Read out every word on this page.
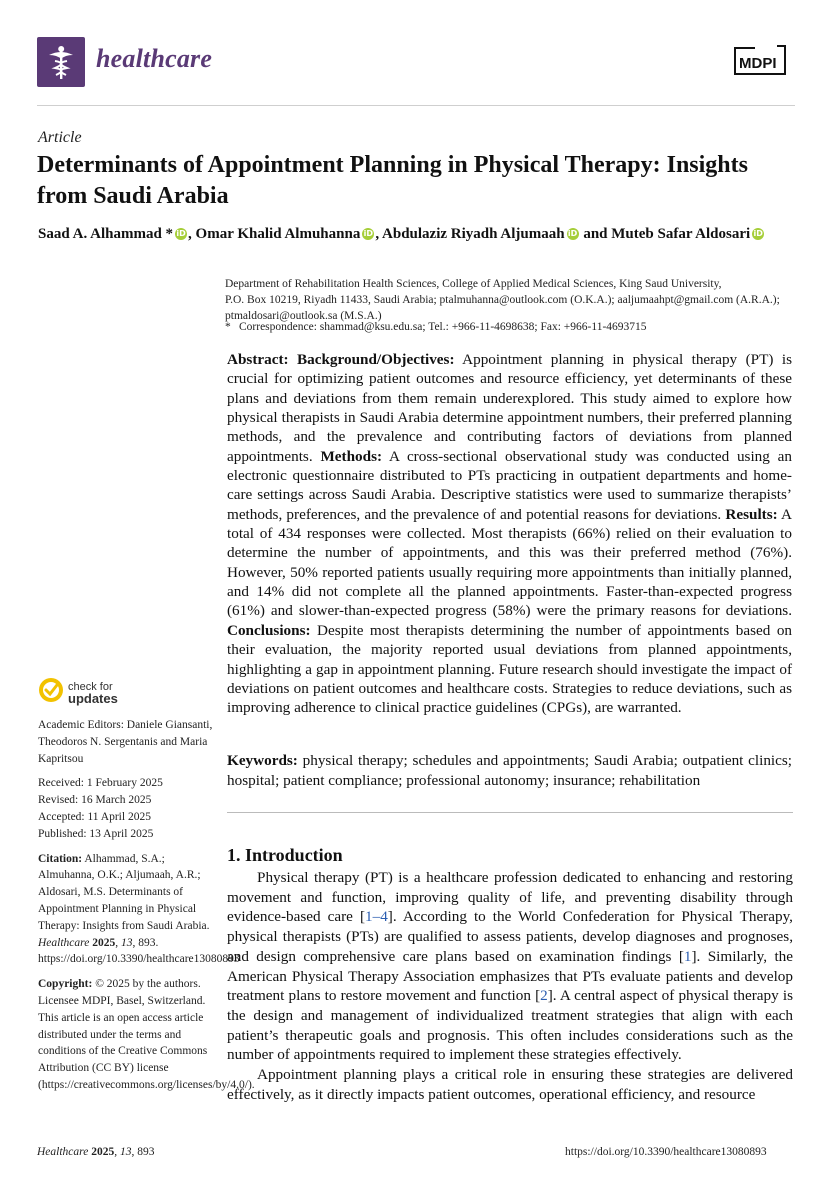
healthcare	MDPI
Article
Determinants of Appointment Planning in Physical Therapy: Insights from Saudi Arabia
Saad A. Alhammad * iD , Omar Khalid Almuhanna iD , Abdulaziz Riyadh Aljumaah iD and Muteb Safar Aldosari iD
Department of Rehabilitation Health Sciences, College of Applied Medical Sciences, King Saud University,
P.O. Box 10219, Riyadh 11433, Saudi Arabia; ptalmuhanna@outlook.com (O.K.A.); aaljumaahpt@gmail.com (A.R.A.);
ptmaldosari@outlook.sa (M.S.A.)
* Correspondence: shammad@ksu.edu.sa; Tel.: +966-11-4698638; Fax: +966-11-4693715
Abstract: Background/Objectives: Appointment planning in physical therapy (PT) is crucial for optimizing patient outcomes and resource efficiency, yet determinants of these plans and deviations from them remain underexplored. This study aimed to explore how physical therapists in Saudi Arabia determine appointment numbers, their preferred planning methods, and the prevalence and contributing factors of deviations from planned appointments. Methods: A cross-sectional observational study was conducted using an electronic questionnaire distributed to PTs practicing in outpatient departments and home-care settings across Saudi Arabia. Descriptive statistics were used to summarize therapists’ methods, preferences, and the prevalence of and potential reasons for deviations. Results: A total of 434 responses were collected. Most therapists (66%) relied on their evaluation to determine the number of appointments, and this was their preferred method (76%). However, 50% reported patients usually requiring more appointments than initially planned, and 14% did not complete all the planned appointments. Faster-than-expected progress (61%) and slower-than-expected progress (58%) were the primary reasons for deviations. Conclusions: Despite most therapists determining the number of appointments based on their evaluation, the majority reported usual deviations from planned appointments, highlighting a gap in appointment planning. Future research should investigate the impact of deviations on patient outcomes and healthcare costs. Strategies to reduce deviations, such as improving adherence to clinical practice guidelines (CPGs), are warranted.
Keywords: physical therapy; schedules and appointments; Saudi Arabia; outpatient clinics; hospital; patient compliance; professional autonomy; insurance; rehabilitation
1. Introduction

Physical therapy (PT) is a healthcare profession dedicated to enhancing and restoring movement and function, improving quality of life, and preventing disability through evidence-based care [1–4]. According to the World Confederation for Physical Therapy, physical therapists (PTs) are qualified to assess patients, develop diagnoses and prognoses, and design comprehensive care plans based on examination findings [1]. Similarly, the American Physical Therapy Association emphasizes that PTs evaluate patients and develop treatment plans to restore movement and function [2]. A central aspect of physical therapy is the design and management of individualized treatment strategies that align with each patient’s therapeutic goals and prognosis. This often includes considerations such as the number of appointments required to implement these strategies effectively.

Appointment planning plays a critical role in ensuring these strategies are delivered effectively, as it directly impacts patient outcomes, operational efficiency, and resource

check for
updates
Academic Editors: Daniele Giansanti, Theodoros N. Sergentanis and Maria Kapritsou
Received: 1 February 2025
Revised: 16 March 2025
Accepted: 11 April 2025
Published: 13 April 2025
Citation: Alhammad, S.A.; Almuhanna, O.K.; Aljumaah, A.R.; Aldosari, M.S. Determinants of Appointment Planning in Physical Therapy: Insights from Saudi Arabia. Healthcare 2025, 13, 893. https://doi.org/10.3390/healthcare13080893
Copyright: © 2025 by the authors. Licensee MDPI, Basel, Switzerland. This article is an open access article distributed under the terms and conditions of the Creative Commons Attribution (CC BY) license (https://creativecommons.org/licenses/by/4.0/).
Healthcare 2025, 13, 893	https://doi.org/10.3390/healthcare13080893
